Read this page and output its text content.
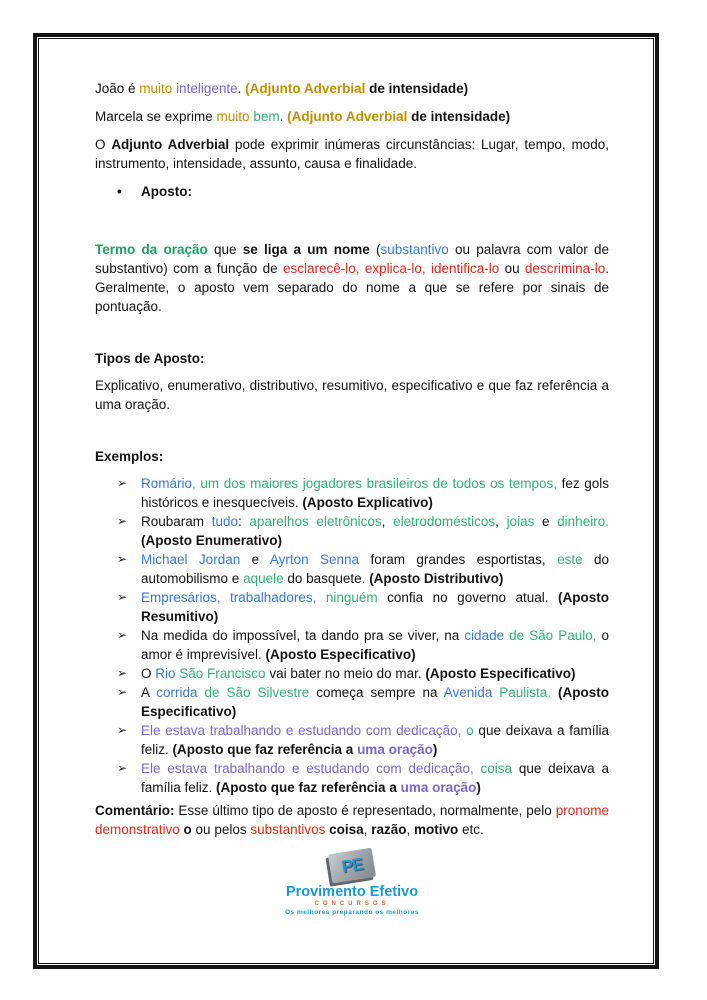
João é muito inteligente. (Adjunto Adverbial de intensidade)

Marcela se exprime muito bem. (Adjunto Adverbial de intensidade)

O Adjunto Adverbial pode exprimir inúmeras circunstâncias: Lugar, tempo, modo, instrumento, intensidade, assunto, causa e finalidade.

• Aposto:

Termo da oração que se liga a um nome (substantivo ou palavra com valor de substantivo) com a função de esclarecê-lo, explica-lo, identifica-lo ou descrimina-lo. Geralmente, o aposto vem separado do nome a que se refere por sinais de pontuação.

Tipos de Aposto:

Explicativo, enumerativo, distributivo, resumitivo, especificativo e que faz referência a uma oração.

Exemplos:

➢ Romário, um dos maiores jogadores brasileiros de todos os tempos, fez gols históricos e inesquecíveis. (Aposto Explicativo)
➢ Roubaram tudo: aparelhos eletrônicos, eletrodomésticos, joias e dinheiro. (Aposto Enumerativo)
➢ Michael Jordan e Ayrton Senna foram grandes esportistas, este do automobilismo e aquele do basquete. (Aposto Distributivo)
➢ Empresários, trabalhadores, ninguém confia no governo atual. (Aposto Resumitivo)
➢ Na medida do impossível, ta dando pra se viver, na cidade de São Paulo, o amor é imprevisível. (Aposto Especificativo)
➢ O Rio São Francisco vai bater no meio do mar. (Aposto Especificativo)
➢ A corrida de São Silvestre começa sempre na Avenida Paulista. (Aposto Especificativo)
➢ Ele estava trabalhando e estudando com dedicação, o que deixava a família feliz. (Aposto que faz referência a uma oração)
➢ Ele estava trabalhando e estudando com dedicação, coisa que deixava a família feliz. (Aposto que faz referência a uma oração)

Comentário: Esse último tipo de aposto é representado, normalmente, pelo pronome demonstrativo o ou pelos substantivos coisa, razão, motivo etc.

PE
Provimento Efetivo
CONCURSOS
Os melhores preparando os melhores
